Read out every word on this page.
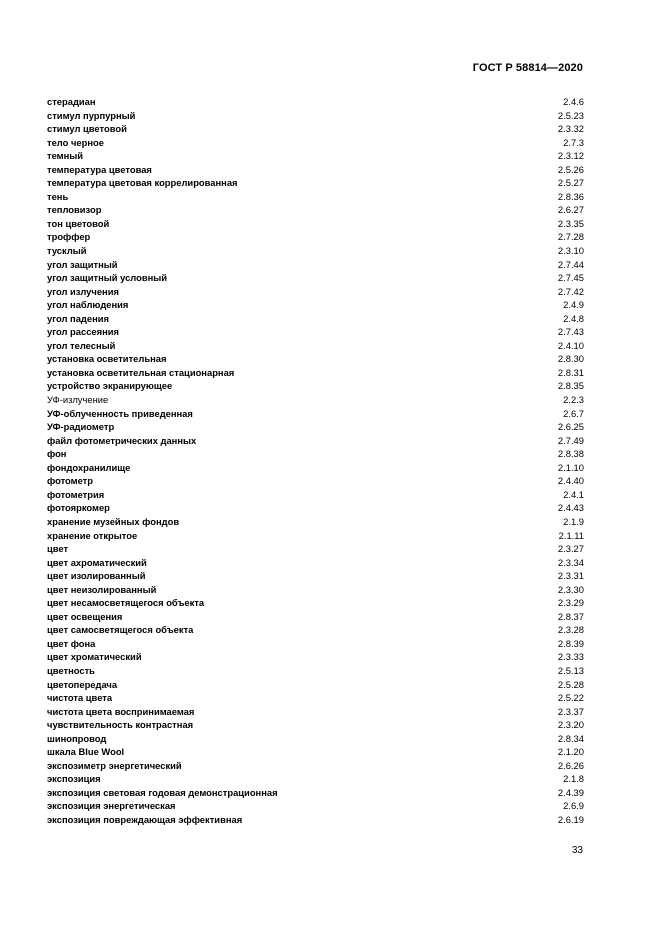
ГОСТ Р 58814—2020
стерадиан	2.4.6
стимул пурпурный	2.5.23
стимул цветовой	2.3.32
тело черное	2.7.3
темный	2.3.12
температура цветовая	2.5.26
температура цветовая коррелированная	2.5.27
тень	2.8.36
тепловизор	2.6.27
тон цветовой	2.3.35
троффер	2.7.28
тусклый	2.3.10
угол защитный	2.7.44
угол защитный условный	2.7.45
угол излучения	2.7.42
угол наблюдения	2.4.9
угол падения	2.4.8
угол рассеяния	2.7.43
угол телесный	2.4.10
установка осветительная	2.8.30
установка осветительная стационарная	2.8.31
устройство экранирующее	2.8.35
УФ-излучение	2.2.3
УФ-облученность приведенная	2.6.7
УФ-радиометр	2.6.25
файл фотометрических данных	2.7.49
фон	2.8.38
фондохранилище	2.1.10
фотометр	2.4.40
фотометрия	2.4.1
фотояркомер	2.4.43
хранение музейных фондов	2.1.9
хранение открытое	2.1.11
цвет	2.3.27
цвет ахроматический	2.3.34
цвет изолированный	2.3.31
цвет неизолированный	2.3.30
цвет несамосветящегося объекта	2.3.29
цвет освещения	2.8.37
цвет самосветящегося объекта	2.3.28
цвет фона	2.8.39
цвет хроматический	2.3.33
цветность	2.5.13
цветопередача	2.5.28
чистота цвета	2.5.22
чистота цвета воспринимаемая	2.3.37
чувствительность контрастная	2.3.20
шинопровод	2.8.34
шкала Blue Wool	2.1.20
экспозиметр энергетический	2.6.26
экспозиция	2.1.8
экспозиция световая годовая демонстрационная	2.4.39
экспозиция энергетическая	2.6.9
экспозиция повреждающая эффективная	2.6.19
33
